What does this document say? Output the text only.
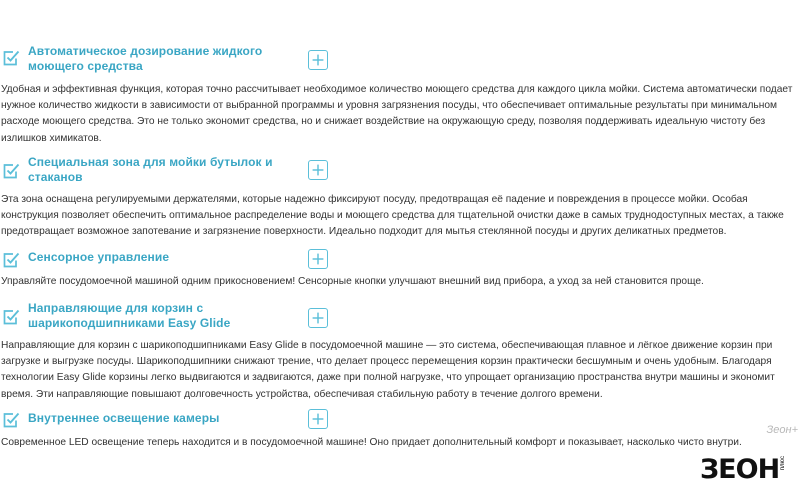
Автоматическое дозирование жидкого моющего средства

Удобная и эффективная функция, которая точно рассчитывает необходимое количество моющего средства для каждого цикла мойки. Система автоматически подает нужное количество жидкости в зависимости от выбранной программы и уровня загрязнения посуды, что обеспечивает оптимальные результаты при минимальном расходе моющего средства. Это не только экономит средства, но и снижает воздействие на окружающую среду, позволяя поддерживать идеальную чистоту без излишков химикатов.

Специальная зона для мойки бутылок и стаканов

Эта зона оснащена регулируемыми держателями, которые надежно фиксируют посуду, предотвращая её падение и повреждения в процессе мойки. Особая конструкция позволяет обеспечить оптимальное распределение воды и моющего средства для тщательной очистки даже в самых труднодоступных местах, а также предотвращает возможное запотевание и загрязнение поверхности. Идеально подходит для мытья стеклянной посуды и других деликатных предметов.

Сенсорное управление

Управляйте посудомоечной машиной одним прикосновением! Сенсорные кнопки улучшают внешний вид прибора, а уход за ней становится проще.

Направляющие для корзин с шарикоподшипниками Easy Glide

Направляющие для корзин с шарикоподшипниками Easy Glide в посудомоечной машине — это система, обеспечивающая плавное и лёгкое движение корзин при загрузке и выгрузке посуды. Шарикоподшипники снижают трение, что делает процесс перемещения корзин практически бесшумным и очень удобным. Благодаря технологии Easy Glide корзины легко выдвигаются и задвигаются, даже при полной нагрузке, что упрощает организацию пространства внутри машины и экономит время. Эти направляющие повышают долговечность устройства, обеспечивая стабильную работу в течение долгого времени.

Внутреннее освещение камеры

Современное LED освещение теперь находится и в посудомоечной машине! Оно придает дополнительный комфорт и показывает, насколько чисто внутри.

Зеон+
ЗЕОН плюс
